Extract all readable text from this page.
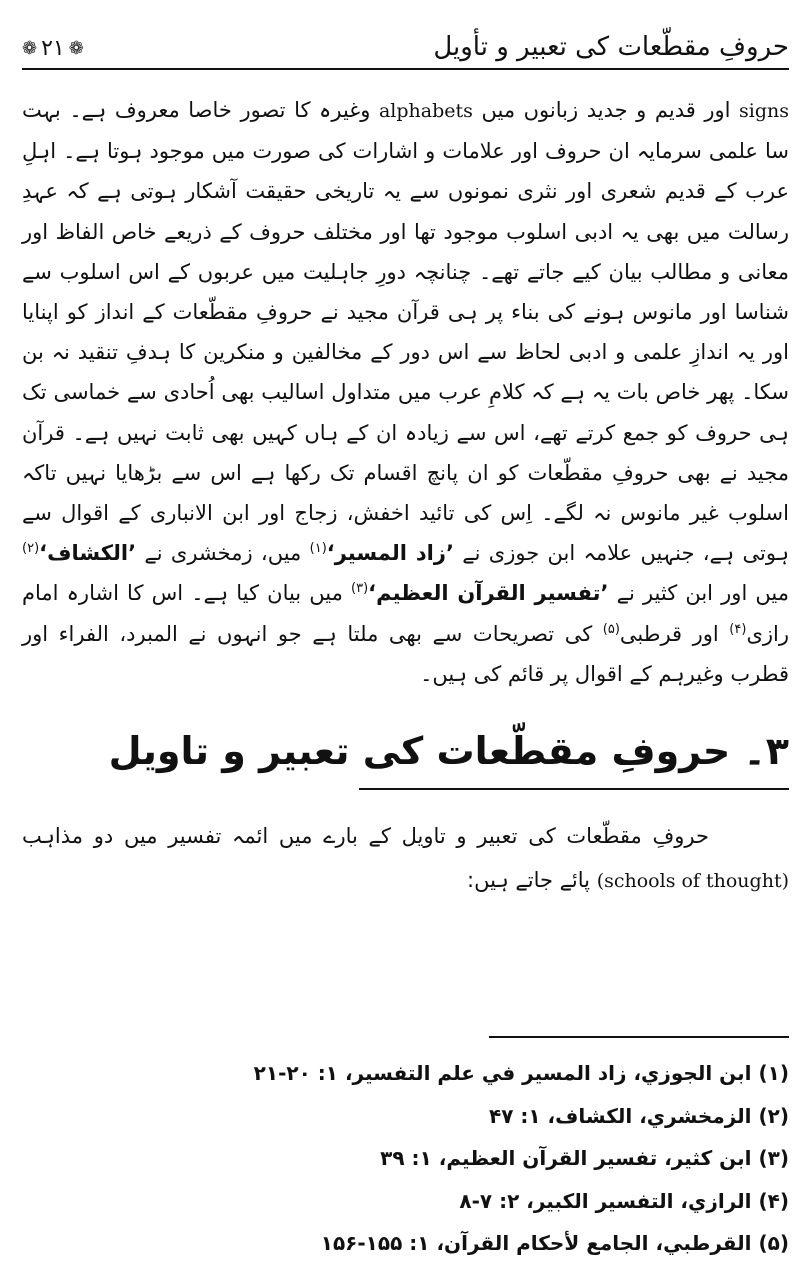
حروفِ مقطّعات کی تعبیر و تأویل
❁ ۲۱ ❁

signs اور قدیم و جدید زبانوں میں alphabets وغیرہ کا تصور خاصا معروف ہے۔ بہت سا علمی سرمایہ ان حروف اور علامات و اشارات کی صورت میں موجود ہوتا ہے۔ اہلِ عرب کے قدیم شعری اور نثری نمونوں سے یہ تاریخی حقیقت آشکار ہوتی ہے کہ عہدِ رسالت میں بھی یہ ادبی اسلوب موجود تھا اور مختلف حروف کے ذریعے خاص الفاظ اور معانی و مطالب بیان کیے جاتے تھے۔ چنانچہ دورِ جاہلیت میں عربوں کے اس اسلوب سے شناسا اور مانوس ہونے کی بناء پر ہی قرآن مجید نے حروفِ مقطّعات کے انداز کو اپنایا اور یہ اندازِ علمی و ادبی لحاظ سے اس دور کے مخالفین و منکرین کا ہدفِ تنقید نہ بن سکا۔ پھر خاص بات یہ ہے کہ کلامِ عرب میں متداول اسالیب بھی اُحادی سے خماسی تک ہی حروف کو جمع کرتے تھے، اس سے زیادہ ان کے ہاں کہیں بھی ثابت نہیں ہے۔ قرآن مجید نے بھی حروفِ مقطّعات کو ان پانچ اقسام تک رکھا ہے اس سے بڑھایا نہیں تاکہ اسلوب غیر مانوس نہ لگے۔ اِس کی تائید اخفش، زجاج اور ابن الانباری کے اقوال سے ہوتی ہے، جنہیں علامہ ابن جوزی نے ’زاد المسیر‘$^{(۱)}$ میں، زمخشری نے ’الکشاف‘$^{(۲)}$ میں اور ابن کثیر نے ’تفسیر القرآن العظیم‘$^{(۳)}$ میں بیان کیا ہے۔ اس کا اشارہ امام رازی$^{(۴)}$ اور قرطبی$^{(۵)}$ کی تصریحات سے بھی ملتا ہے جو انہوں نے المبرد، الفراء اور قطرب وغیرہم کے اقوال پر قائم کی ہیں۔

۳۔ حروفِ مقطّعات کی تعبیر و تاویل

حروفِ مقطّعات کی تعبیر و تاویل کے بارے میں ائمہ تفسیر میں دو مذاہب (schools of thought) پائے جاتے ہیں:

(۱) ابن الجوزي، زاد المسير في علم التفسير، ۱: ۲۰-۲۱
(۲) الزمخشري، الكشاف، ۱: ۴۷
(۳) ابن كثير، تفسير القرآن العظيم، ۱: ۳۹
(۴) الرازي، التفسير الكبير، ۲: ۷-۸
(۵) القرطبي، الجامع لأحكام القرآن، ۱: ۱۵۵-۱۵۶
